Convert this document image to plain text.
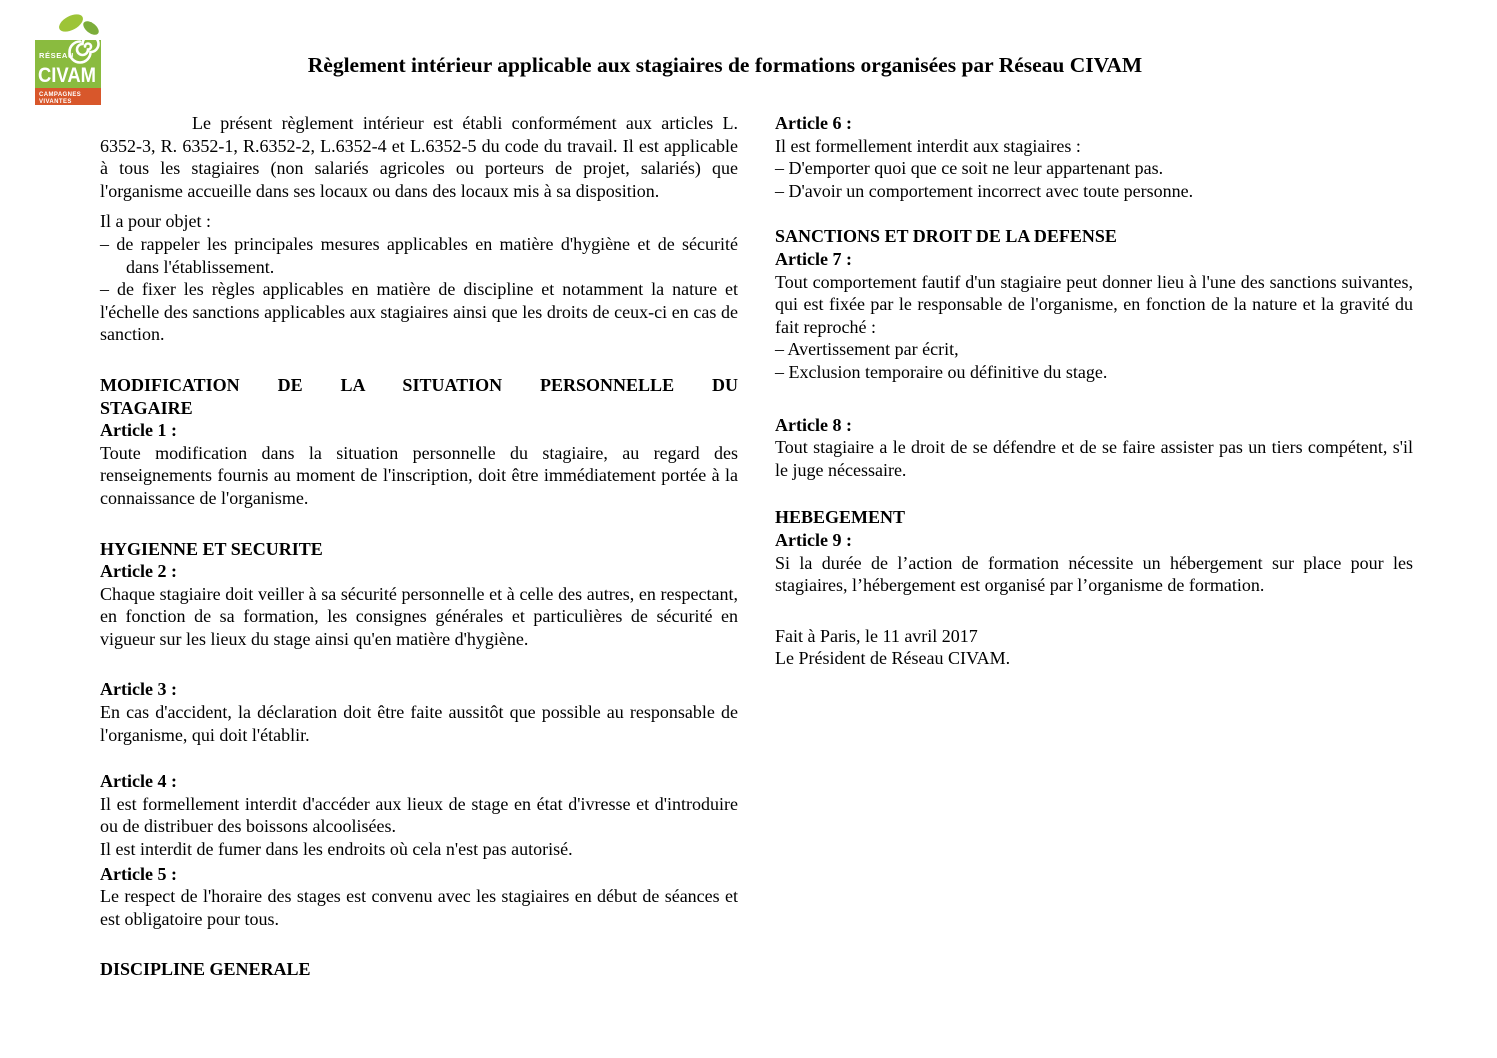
RÉSEAU
CIVAM
CAMPAGNES
VIVANTES
Règlement intérieur applicable aux stagiaires de formations organisées par Réseau CIVAM

Le présent règlement intérieur est établi conformément aux articles L. 6352-3, R. 6352-1, R.6352-2, L.6352-4 et L.6352-5 du code du travail. Il est applicable à tous les stagiaires (non salariés agricoles ou porteurs de projet, salariés) que l'organisme accueille dans ses locaux ou dans des locaux mis à sa disposition.

Il a pour objet :

– de rappeler les principales mesures applicables en matière d'hygiène et de sécurité dans l'établissement.

– de fixer les règles applicables en matière de discipline et notamment la nature et l'échelle des sanctions applicables aux stagiaires ainsi que les droits de ceux-ci en cas de sanction.

MODIFICATION DE LA SITUATION PERSONNELLE DU
STAGAIRE

Article 1 :

Toute modification dans la situation personnelle du stagiaire, au regard des renseignements fournis au moment de l'inscription, doit être immédiatement portée à la connaissance de l'organisme.

HYGIENNE ET SECURITE

Article 2 :

Chaque stagiaire doit veiller à sa sécurité personnelle et à celle des autres, en respectant, en fonction de sa formation, les consignes générales et particulières de sécurité en vigueur sur les lieux du stage ainsi qu'en matière d'hygiène.

Article 3 :

En cas d'accident, la déclaration doit être faite aussitôt que possible au responsable de l'organisme, qui doit l'établir.

Article 4 :

Il est formellement interdit d'accéder aux lieux de stage en état d'ivresse et d'introduire ou de distribuer des boissons alcoolisées.

Il est interdit de fumer dans les endroits où cela n'est pas autorisé.

Article 5 :

Le respect de l'horaire des stages est convenu avec les stagiaires en début de séances et est obligatoire pour tous.

DISCIPLINE GENERALE

Article 6 :

Il est formellement interdit aux stagiaires :

– D'emporter quoi que ce soit ne leur appartenant pas.

– D'avoir un comportement incorrect avec toute personne.

SANCTIONS ET DROIT DE LA DEFENSE

Article 7 :

Tout comportement fautif d'un stagiaire peut donner lieu à l'une des sanctions suivantes, qui est fixée par le responsable de l'organisme, en fonction de la nature et la gravité du fait reproché :

– Avertissement par écrit,

– Exclusion temporaire ou définitive du stage.

Article 8 :

Tout stagiaire a le droit de se défendre et de se faire assister pas un tiers compétent, s'il le juge nécessaire.

HEBEGEMENT

Article 9 :

Si la durée de l’action de formation nécessite un hébergement sur place pour les stagiaires, l’hébergement est organisé par l’organisme de formation.

Fait à Paris, le 11 avril 2017

Le Président de Réseau CIVAM.
